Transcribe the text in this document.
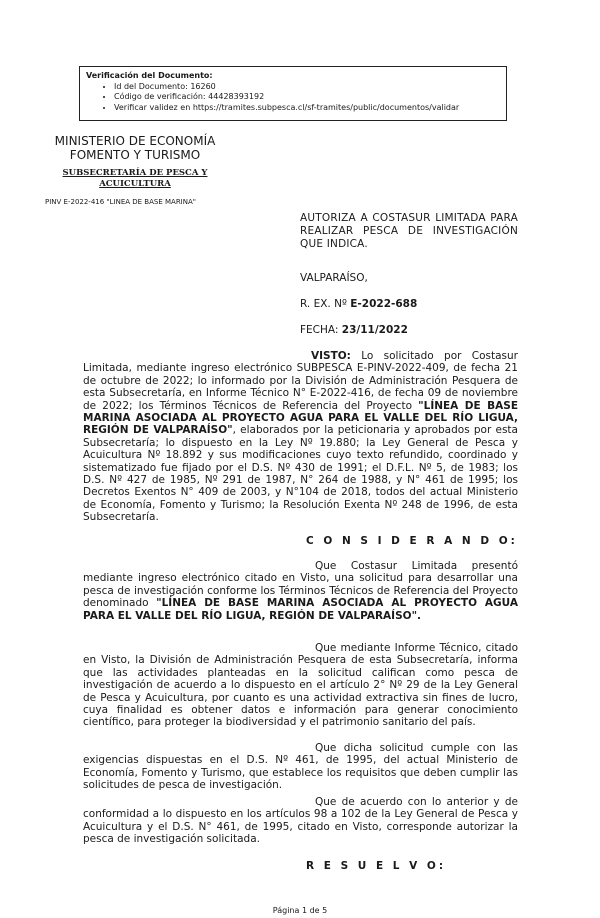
Verificación del Documento:
• Id del Documento: 16260
• Código de verificación: 44428393192
• Verificar validez en https://tramites.subpesca.cl/sf-tramites/public/documentos/validar
MINISTERIO DE ECONOMÍA
FOMENTO Y TURISMO
SUBSECRETARÍA DE PESCA Y
ACUICULTURA
PINV E-2022-416 "LINEA DE BASE MARINA"
AUTORIZA A COSTASUR LIMITADA PARA REALIZAR PESCA DE INVESTIGACIÓN QUE INDICA.
VALPARAÍSO,
R. EX. Nº E-2022-688
FECHA: 23/11/2022
VISTO: Lo solicitado por Costasur Limitada, mediante ingreso electrónico SUBPESCA E-PINV-2022-409, de fecha 21 de octubre de 2022; lo informado por la División de Administración Pesquera de esta Subsecretaría, en Informe Técnico N° E-2022-416, de fecha 09 de noviembre de 2022; los Términos Técnicos de Referencia del Proyecto "LÍNEA DE BASE MARINA ASOCIADA AL PROYECTO AGUA PARA EL VALLE DEL RÍO LIGUA, REGIÓN DE VALPARAÍSO", elaborados por la peticionaria y aprobados por esta Subsecretaría; lo dispuesto en la Ley Nº 19.880; la Ley General de Pesca y Acuicultura Nº 18.892 y sus modificaciones cuyo texto refundido, coordinado y sistematizado fue fijado por el D.S. Nº 430 de 1991; el D.F.L. Nº 5, de 1983; los D.S. Nº 427 de 1985, Nº 291 de 1987, N° 264 de 1988, y N° 461 de 1995; los Decretos Exentos N° 409 de 2003, y N°104 de 2018, todos del actual Ministerio de Economía, Fomento y Turismo; la Resolución Exenta Nº 248 de 1996, de esta Subsecretaría.
C O N S I D E R A N D O:
Que Costasur Limitada presentó mediante ingreso electrónico citado en Visto, una solicitud para desarrollar una pesca de investigación conforme los Términos Técnicos de Referencia del Proyecto denominado "LÍNEA DE BASE MARINA ASOCIADA AL PROYECTO AGUA PARA EL VALLE DEL RÍO LIGUA, REGIÓN DE VALPARAÍSO".
Que mediante Informe Técnico, citado en Visto, la División de Administración Pesquera de esta Subsecretaría, informa que las actividades planteadas en la solicitud califican como pesca de investigación de acuerdo a lo dispuesto en el artículo 2° Nº 29 de la Ley General de Pesca y Acuicultura, por cuanto es una actividad extractiva sin fines de lucro, cuya finalidad es obtener datos e información para generar conocimiento científico, para proteger la biodiversidad y el patrimonio sanitario del país.
Que dicha solicitud cumple con las exigencias dispuestas en el D.S. Nº 461, de 1995, del actual Ministerio de Economía, Fomento y Turismo, que establece los requisitos que deben cumplir las solicitudes de pesca de investigación.
Que de acuerdo con lo anterior y de conformidad a lo dispuesto en los artículos 98 a 102 de la Ley General de Pesca y Acuicultura y el D.S. N° 461, de 1995, citado en Visto, corresponde autorizar la pesca de investigación solicitada.
R E S U E L V O:
Página 1 de 5
